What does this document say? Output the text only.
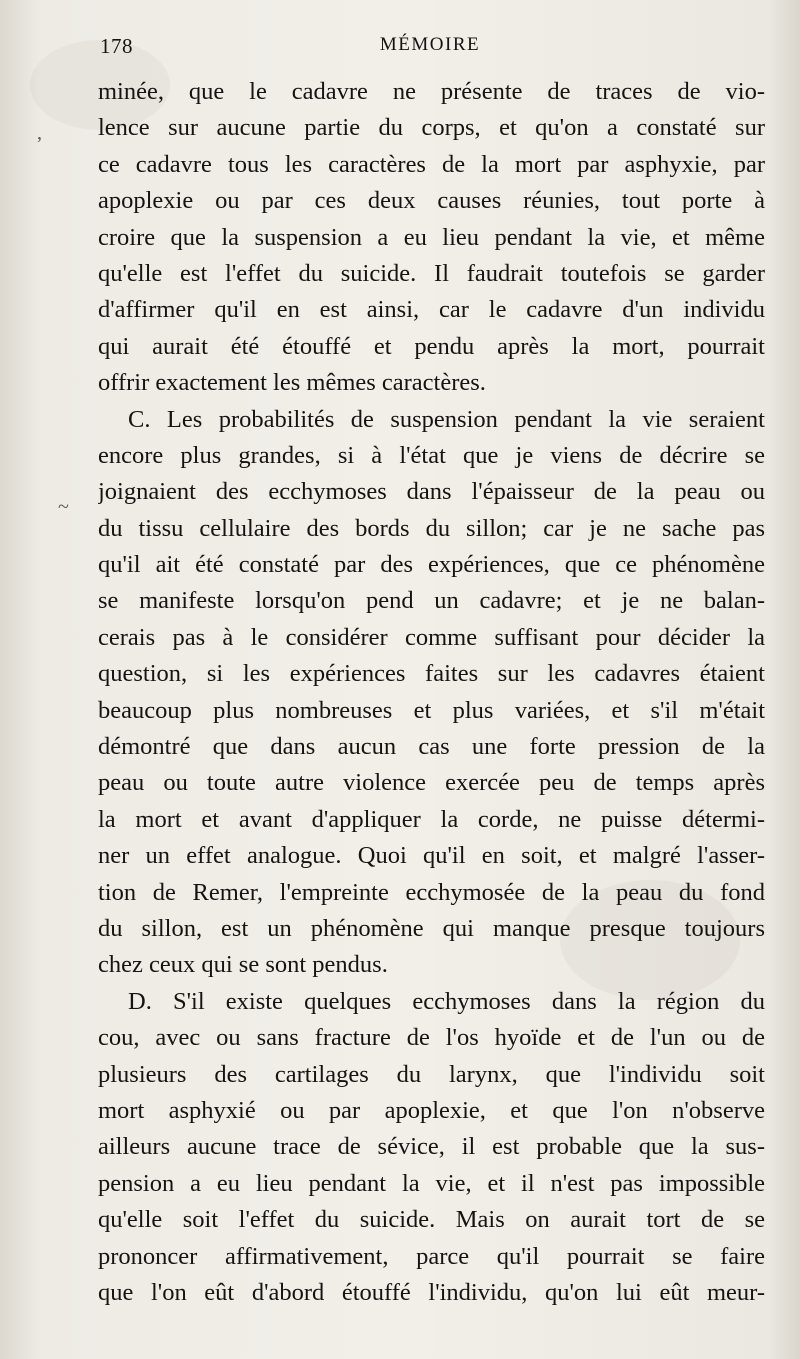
‚
~
178	MÉMOIRE
minée, que le cadavre ne présente de traces de vio-
lence sur aucune partie du corps, et qu'on a constaté sur
ce cadavre tous les caractères de la mort par asphyxie, par
apoplexie ou par ces deux causes réunies, tout porte à
croire que la suspension a eu lieu pendant la vie, et même
qu'elle est l'effet du suicide. Il faudrait toutefois se garder
d'affirmer qu'il en est ainsi, car le cadavre d'un individu
qui aurait été étouffé et pendu après la mort, pourrait
offrir exactement les mêmes caractères.
C. Les probabilités de suspension pendant la vie seraient
encore plus grandes, si à l'état que je viens de décrire se
joignaient des ecchymoses dans l'épaisseur de la peau ou
du tissu cellulaire des bords du sillon; car je ne sache pas
qu'il ait été constaté par des expériences, que ce phénomène
se manifeste lorsqu'on pend un cadavre; et je ne balan-
cerais pas à le considérer comme suffisant pour décider la
question, si les expériences faites sur les cadavres étaient
beaucoup plus nombreuses et plus variées, et s'il m'était
démontré que dans aucun cas une forte pression de la
peau ou toute autre violence exercée peu de temps après
la mort et avant d'appliquer la corde, ne puisse détermi-
ner un effet analogue. Quoi qu'il en soit, et malgré l'asser-
tion de Remer, l'empreinte ecchymosée de la peau du fond
du sillon, est un phénomène qui manque presque toujours
chez ceux qui se sont pendus.
D. S'il existe quelques ecchymoses dans la région du
cou, avec ou sans fracture de l'os hyoïde et de l'un ou de
plusieurs des cartilages du larynx, que l'individu soit
mort asphyxié ou par apoplexie, et que l'on n'observe
ailleurs aucune trace de sévice, il est probable que la sus-
pension a eu lieu pendant la vie, et il n'est pas impossible
qu'elle soit l'effet du suicide. Mais on aurait tort de se
prononcer affirmativement, parce qu'il pourrait se faire
que l'on eût d'abord étouffé l'individu, qu'on lui eût meur-
